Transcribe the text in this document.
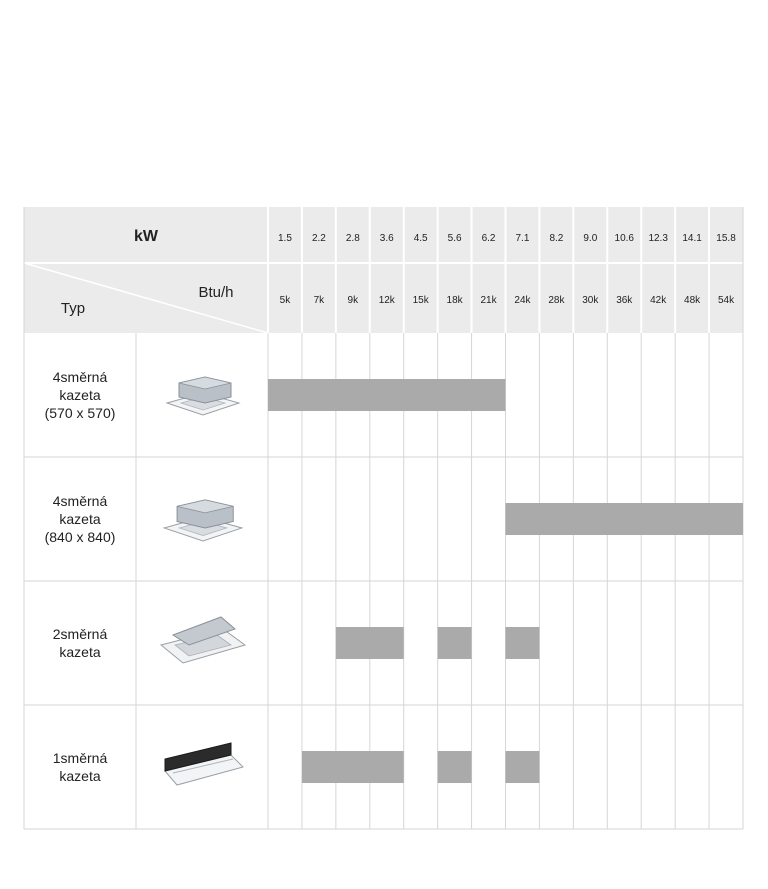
kW
Btu/h
Typ
1.5 2.2 2.8 3.6 4.5 5.6 6.2 7.1 8.2 9.0 10.6 12.3 14.1 15.8
5k 7k 9k 12k 15k 18k 21k 24k 28k 30k 36k 42k 48k 54k
4směrná
kazeta
(570 x 570)
4směrná
kazeta
(840 x 840)
2směrná
kazeta
1směrná
kazeta
